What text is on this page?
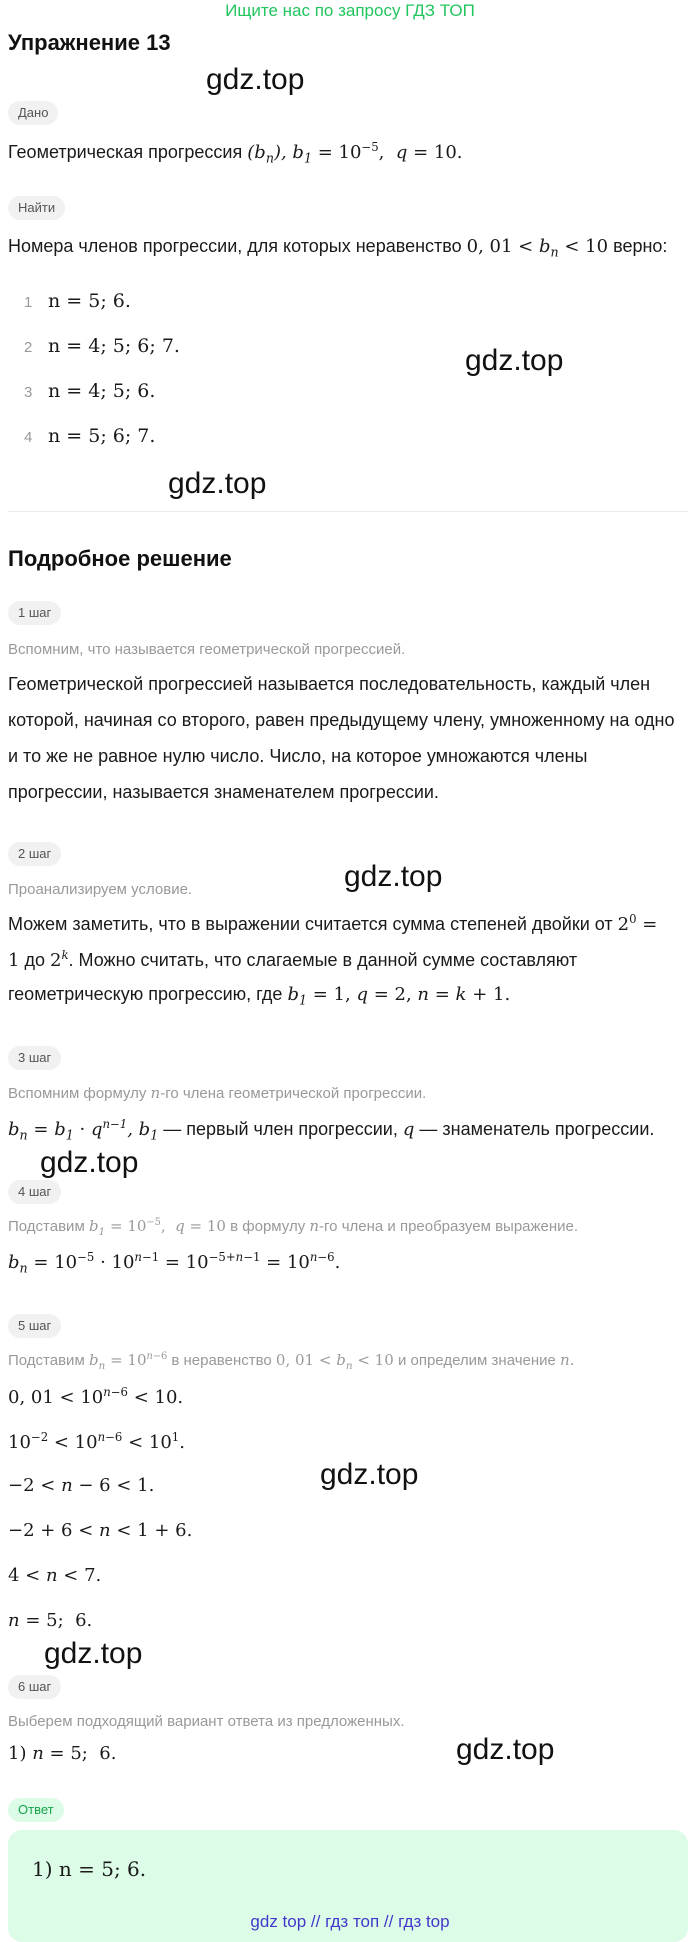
Ищите нас по запросу ГДЗ ТОП
Упражнение 13
Дано
Геометрическая прогрессия $(b_n)$, $b_1 = 10^{-5}$,  q = 10.
Найти
Номера членов прогрессии, для которых неравенство 0, $01 < b_n < 10$ верно:
1 n = 5; 6.
2 n = 4; 5; 6; 7.
3 n = 4; 5; 6.
4 n = 5; 6; 7.
Подробное решение
1 шаг
Вспомним, что называется геометрической прогрессией.
Геометрической прогрессией называется последовательность, каждый член которой, начиная со второго, равен предыдущему члену, умноженному на одно и то же не равное нулю число. Число, на которое умножаются члены прогрессии, называется знаменателем прогрессии.
2 шаг
Проанализируем условие.
Можем заметить, что в выражении считается сумма степеней двойки от $2^0$ =
1 до 2$^k$. Можно считать, что слагаемые в данной сумме составляют
геометрическую прогрессию, где $b_1 = 1$, q = 2, n = k + 1.
3 шаг
Вспомним формулу n-го члена геометрической прогрессии.
$b_n = b_1 \cdot q^{n-1}$, $b_1$ — первый член прогрессии, q — знаменатель прогрессии.
4 шаг
Подставим $b_1 = 10^{-5}$,  q = 10 в формулу n-го члена и преобразуем выражение.
$b_n = 10^{-5} \cdot 10^{n-1} = 10^{-5+n-1} = 10^{n-6}$.
5 шаг
Подставим $b_n = 10^{n-6}$ в неравенство 0, $01 < b_n < 10$ и определим значение n.
0, $01 < 10^{n-6} < 10$.
$10^{-2} < 10^{n-6} < 10^1$.
−2 < n − 6 < 1.
−2 + 6 < n < 1 + 6.
4 < n < 7.
n = 5;  6.
6 шаг
Выберем подходящий вариант ответа из предложенных.
1) n = 5;  6.
Ответ
1) n = 5; 6.
gdz.top
gdz.top
gdz.top
gdz.top
gdz.top
gdz.top
gdz.top
gdz.top
gdz top // гдз топ // гдз top
